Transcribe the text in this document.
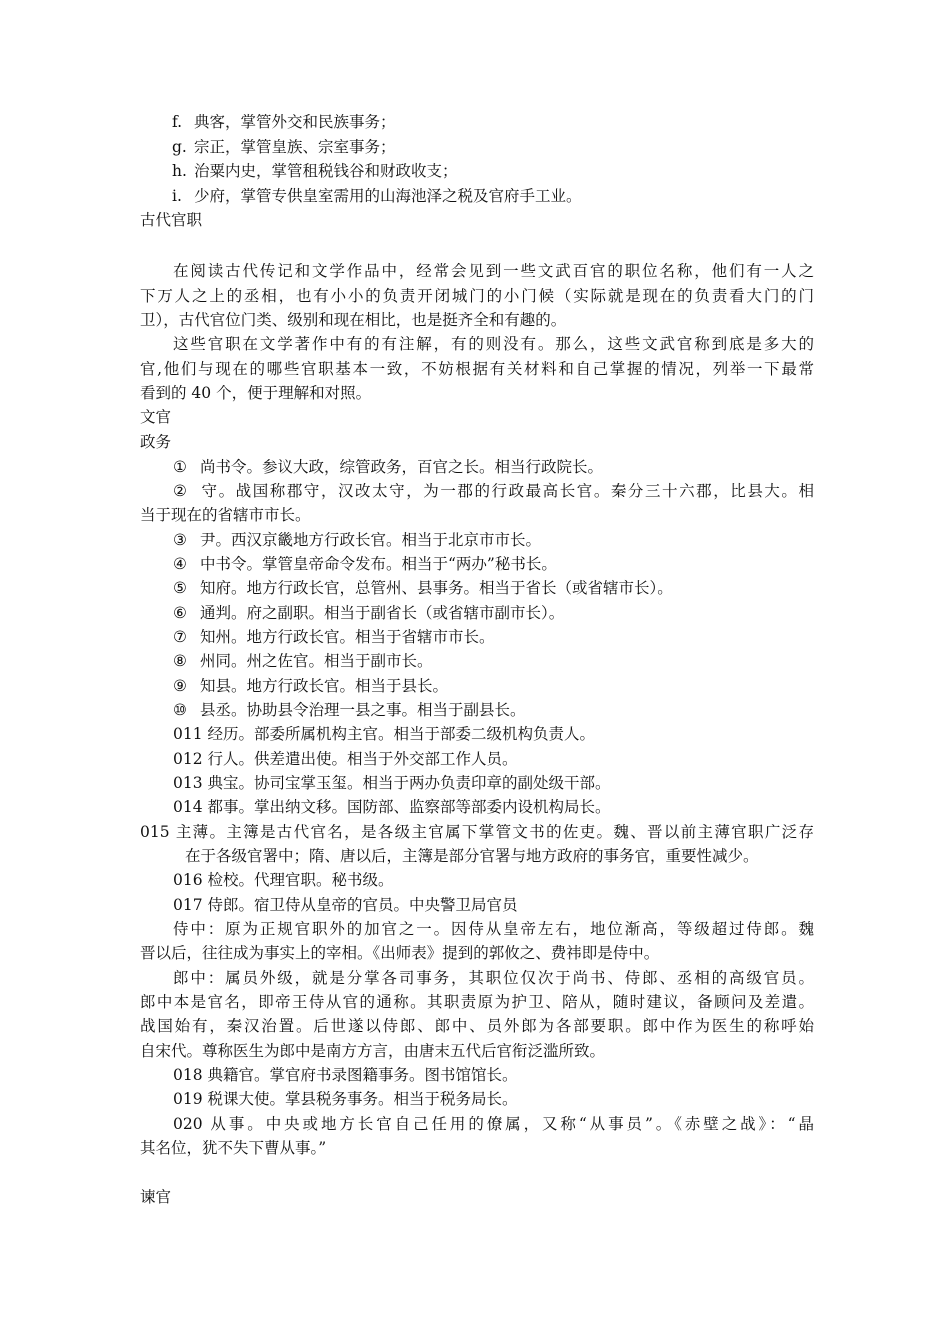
f. 典客，掌管外交和民族事务；
g. 宗正，掌管皇族、宗室事务；
h. 治粟内史，掌管租税钱谷和财政收支；
i. 少府，掌管专供皇室需用的山海池泽之税及官府手工业。
古代官职
在阅读古代传记和文学作品中，经常会见到一些文武百官的职位名称，他们有一人之
下万人之上的丞相，也有小小的负责开闭城门的小门候（实际就是现在的负责看大门的门
卫），古代官位门类、级别和现在相比，也是挺齐全和有趣的。
这些官职在文学著作中有的有注解，有的则没有。那么，这些文武官称到底是多大的
官,他们与现在的哪些官职基本一致，不妨根据有关材料和自己掌握的情况，列举一下最常
看到的 40 个，便于理解和对照。
文官
政务
① 尚书令。参议大政，综管政务，百官之长。相当行政院长。
② 守。战国称郡守，汉改太守，为一郡的行政最高长官。秦分三十六郡，比县大。相
当于现在的省辖市市长。
③ 尹。西汉京畿地方行政长官。相当于北京市市长。
④ 中书令。掌管皇帝命令发布。相当于“两办”秘书长。
⑤ 知府。地方行政长官，总管州、县事务。相当于省长（或省辖市长）。
⑥ 通判。府之副职。相当于副省长（或省辖市副市长）。
⑦ 知州。地方行政长官。相当于省辖市市长。
⑧ 州同。州之佐官。相当于副市长。
⑨ 知县。地方行政长官。相当于县长。
⑩ 县丞。协助县令治理一县之事。相当于副县长。
011 经历。部委所属机构主官。相当于部委二级机构负责人。
012 行人。供差遣出使。相当于外交部工作人员。
013 典宝。协司宝掌玉玺。相当于两办负责印章的副处级干部。
014 都事。掌出纳文移。国防部、监察部等部委内设机构局长。
015 主薄。主簿是古代官名，是各级主官属下掌管文书的佐吏。魏、晋以前主薄官职广泛存
在于各级官署中；隋、唐以后，主簿是部分官署与地方政府的事务官，重要性减少。
016 检校。代理官职。秘书级。
017 侍郎。宿卫侍从皇帝的官员。中央警卫局官员
侍中：原为正规官职外的加官之一。因侍从皇帝左右，地位渐高，等级超过侍郎。魏
晋以后，往往成为事实上的宰相。《出师表》提到的郭攸之、费祎即是侍中。
郎中：属员外级，就是分掌各司事务，其职位仅次于尚书、侍郎、丞相的高级官员。
郎中本是官名，即帝王侍从官的通称。其职责原为护卫、陪从，随时建议，备顾问及差遣。
战国始有，秦汉治置。后世遂以侍郎、郎中、员外郎为各部要职。郎中作为医生的称呼始
自宋代。尊称医生为郎中是南方方言，由唐末五代后官衔泛滥所致。
018 典籍官。掌官府书录图籍事务。图书馆馆长。
019 税课大使。掌县税务事务。相当于税务局长。
020 从事。中央或地方长官自己任用的僚属，又称“从事员”。《赤壁之战》：“晶
其名位，犹不失下曹从事。”
谏官
